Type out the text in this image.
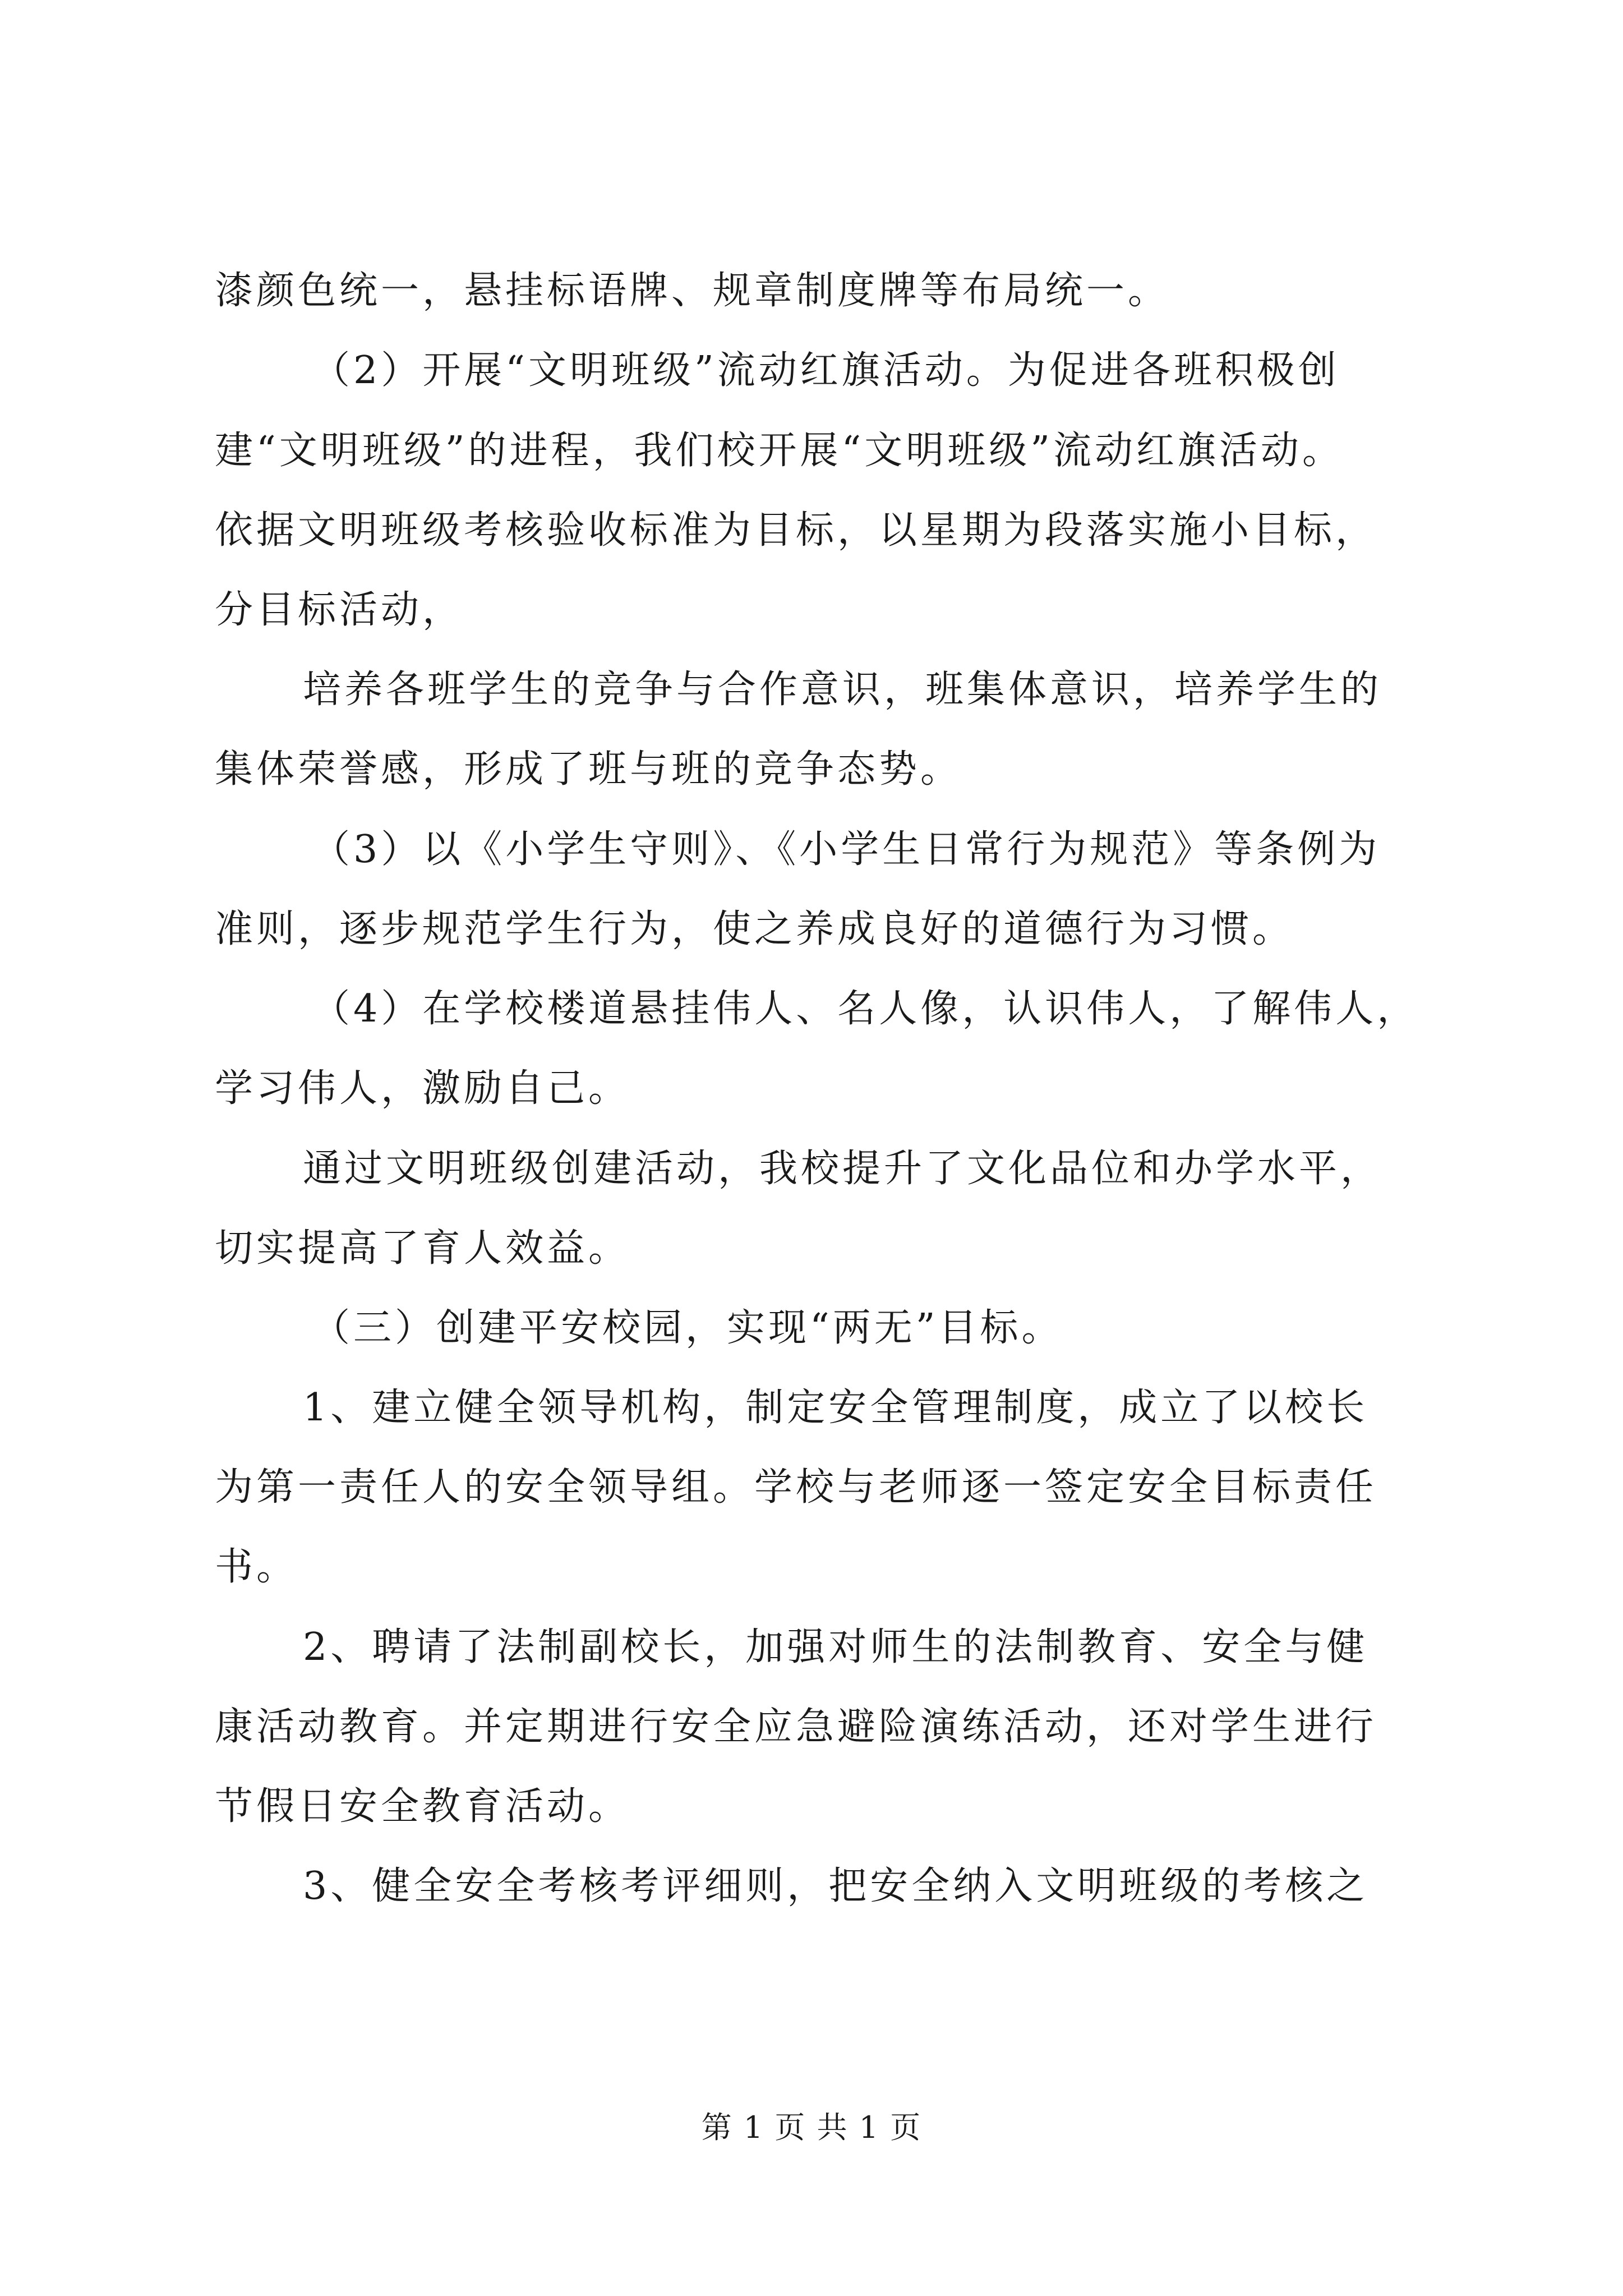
漆颜色统一，悬挂标语牌、规章制度牌等布局统一。
（2）开展“文明班级”流动红旗活动。为促进各班积极创
建“文明班级”的进程，我们校开展“文明班级”流动红旗活动。
依据文明班级考核验收标准为目标，以星期为段落实施小目标，
分目标活动，
培养各班学生的竞争与合作意识，班集体意识，培养学生的
集体荣誉感，形成了班与班的竞争态势。
（3）以《小学生守则》、《小学生日常行为规范》等条例为
准则，逐步规范学生行为，使之养成良好的道德行为习惯。
（4）在学校楼道悬挂伟人、名人像，认识伟人，了解伟人，
学习伟人，激励自己。
通过文明班级创建活动，我校提升了文化品位和办学水平，
切实提高了育人效益。
（三）创建平安校园，实现“两无”目标。
1、建立健全领导机构，制定安全管理制度，成立了以校长
为第一责任人的安全领导组。学校与老师逐一签定安全目标责任
书。
2、聘请了法制副校长，加强对师生的法制教育、安全与健
康活动教育。并定期进行安全应急避险演练活动，还对学生进行
节假日安全教育活动。
3、健全安全考核考评细则，把安全纳入文明班级的考核之
第 1 页 共 1 页
